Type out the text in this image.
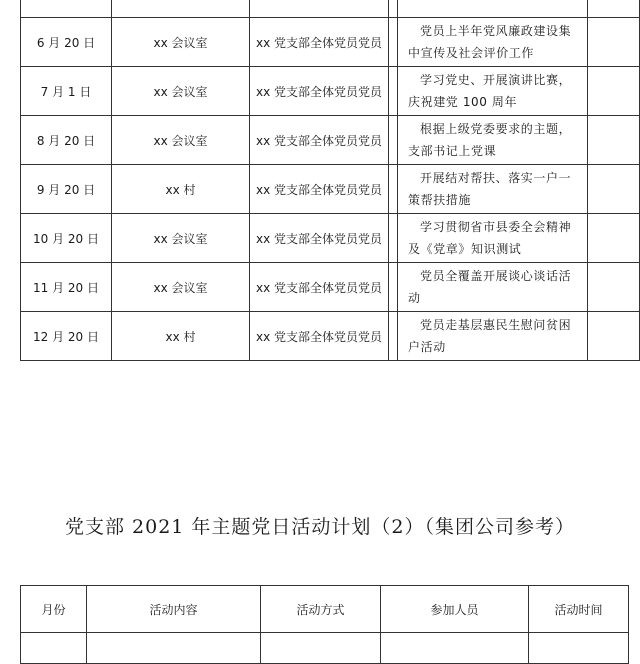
6 月 20 日	xx 会议室	xx 党支部全体党员党员		党员上半年党风廉政建设集中宣传及社会评价工作	

7 月 1 日	xx 会议室	xx 党支部全体党员党员		学习党史、开展演讲比赛，庆祝建党 100 周年	

8 月 20 日	xx 会议室	xx 党支部全体党员党员		根据上级党委要求的主题，支部书记上党课	

9 月 20 日	xx 村	xx 党支部全体党员党员		开展结对帮扶、落实一户一策帮扶措施	

10 月 20 日	xx 会议室	xx 党支部全体党员党员		学习贯彻省市县委全会精神及《党章》知识测试	

11 月 20 日	xx 会议室	xx 党支部全体党员党员		党员全覆盖开展谈心谈话活动	

12 月 20 日	xx 村	xx 党支部全体党员党员		党员走基层惠民生慰问贫困户活动	

党支部 2021 年主题党日活动计划（2）（集团公司参考）
月份	活动内容	活动方式	参加人员	活动时间
